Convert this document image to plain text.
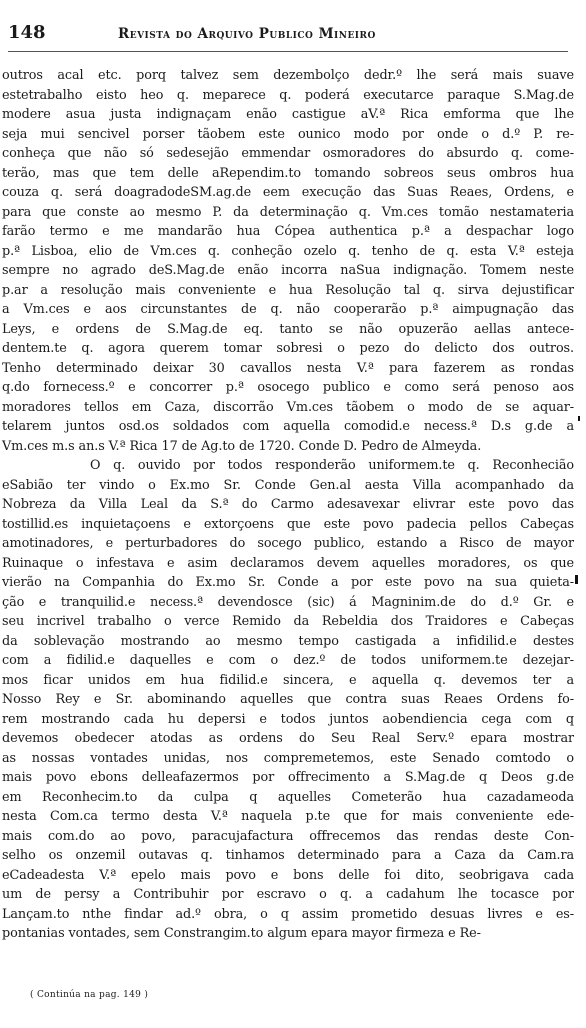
148	Revista do Arquivo Publico Mineiro
outros acal etc. porq talvez sem dezembolço dedr.º lhe será mais suave
estetrabalho eisto heo q. meparece q. poderá executarce paraque S.Mag.de
modere asua justa indignaçam enão castigue aV.ª Rica emforma que lhe
seja mui sencivel porser tãobem este ounico modo por onde o d.º P. re-
conheça que não só sedesejão emmendar osmoradores do absurdo q. come-
terão, mas que tem delle aRependim.to tomando sobreos seus ombros hua
couza q. será doagradodeSM.ag.de eem execução das Suas Reaes, Ordens, e
para que conste ao mesmo P. da determinação q. Vm.ces tomão nestamateria
farão termo e me mandarão hua Cópea authentica p.ª a despachar logo
p.ª Lisboa, elio de Vm.ces q. conheção ozelo q. tenho de q. esta V.ª esteja
sempre no agrado deS.Mag.de enão incorra naSua indignação. Tomem neste
p.ar a resolução mais conveniente e hua Resolução tal q. sirva dejustificar
a Vm.ces e aos circunstantes de q. não cooperarão p.ª aimpugnação das
Leys, e ordens de S.Mag.de eq. tanto se não opuzerão aellas antece-
dentem.te q. agora querem tomar sobresi o pezo do delicto dos outros.
Tenho determinado deixar 30 cavallos nesta V.ª para fazerem as rondas
q.do fornecess.º e concorrer p.ª osocego publico e como será penoso aos
moradores tellos em Caza, discorrão Vm.ces tãobem o modo de se aquar-
telarem juntos osd.os soldados com aquella comodid.e necess.ª D.s g.de a
Vm.ces m.s an.s V.ª Rica 17 de Ag.to de 1720. Conde D. Pedro de Almeyda.
O q. ouvido por todos responderão uniformem.te q. Reconhecião
eSabião ter vindo o Ex.mo Sr. Conde Gen.al aesta Villa acompanhado da
Nobreza da Villa Leal da S.ª do Carmo adesavexar elivrar este povo das
tostillid.es inquietaçoens e extorçoens que este povo padecia pellos Cabeças
amotinadores, e perturbadores do socego publico, estando a Risco de mayor
Ruinaque o infestava e asim declaramos devem aquelles moradores, os que
vierão na Companhia do Ex.mo Sr. Conde a por este povo na sua quieta-
ção e tranquilid.e necess.ª devendosce (sic) á Magninim.de do d.º Gr. e
seu incrivel trabalho o verce Remido da Rebeldia dos Traidores e Cabeças
da soblevação mostrando ao mesmo tempo castigada a infidilid.e destes
com a fidilid.e daquelles e com o dez.º de todos uniformem.te dezejar-
mos ficar unidos em hua fidilid.e sincera, e aquella q. devemos ter a
Nosso Rey e Sr. abominando aquelles que contra suas Reaes Ordens fo-
rem mostrando cada hu depersi e todos juntos aobendiencia cega com q
devemos obedecer atodas as ordens do Seu Real Serv.º epara mostrar
as nossas vontades unidas, nos compremetemos, este Senado comtodo o
mais povo ebons delleafazermos por offrecimento a S.Mag.de q Deos g.de
em Reconhecim.to da culpa q aquelles Cometerão hua cazadameoda
nesta Com.ca termo desta V.ª naquela p.te que for mais conveniente ede-
mais com.do ao povo, paracujafactura offrecemos das rendas deste Con-
selho os onzemil outavas q. tinhamos determinado para a Caza da Cam.ra
eCadeadesta V.ª epelo mais povo e bons delle foi dito, seobrigava cada
um de persy a Contribuhir por escravo o q. a cadahum lhe tocasce por
Lançam.to nthe findar ad.º obra, o q assim prometido desuas livres e es-
pontanias vontades, sem Constrangim.to algum epara mayor firmeza e Re-
( Continúa na pag. 149 )
